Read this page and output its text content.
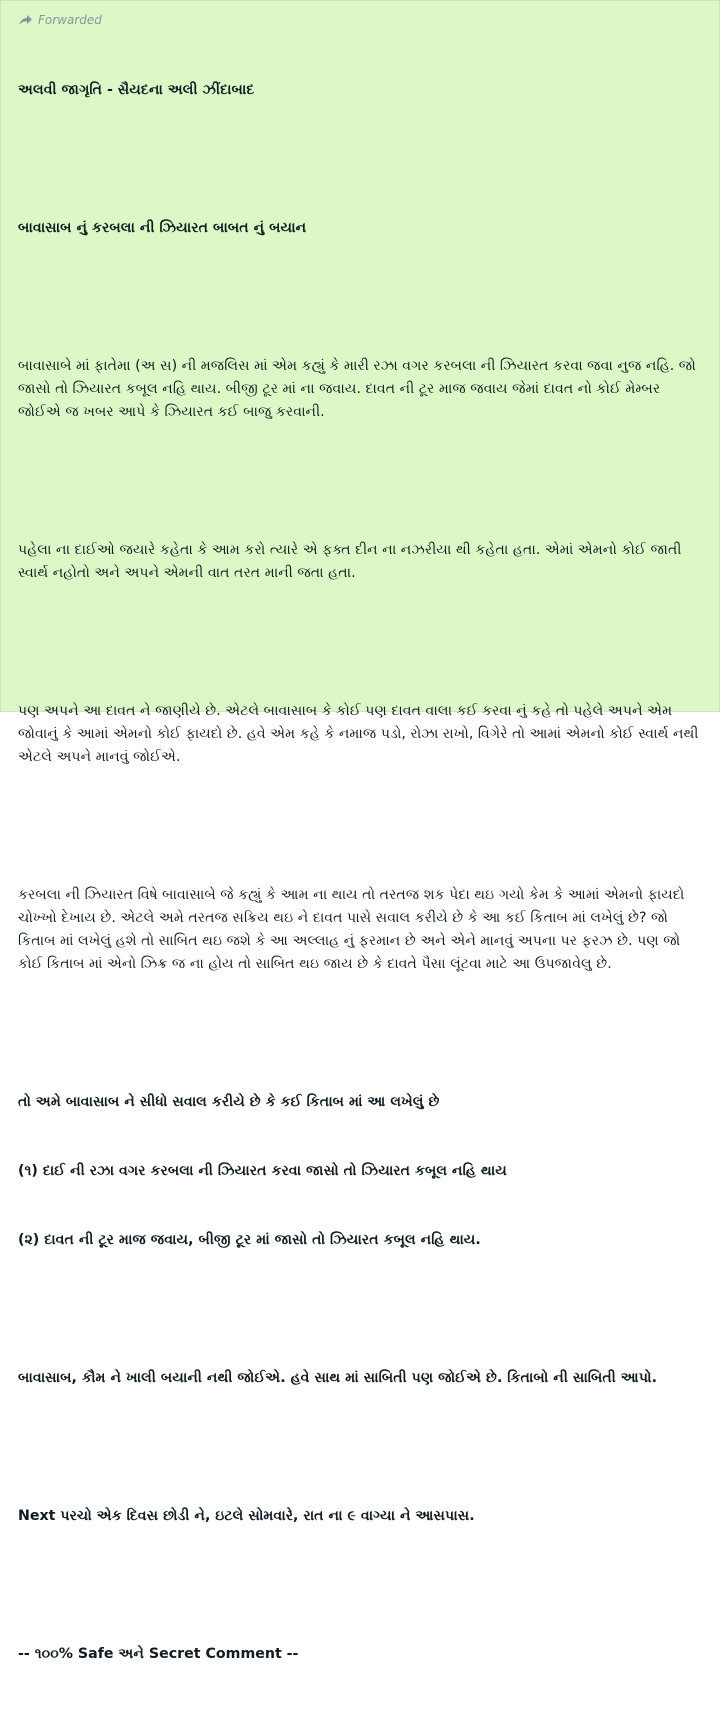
Forwarded

અલવી જાગૃતિ - સૈયદના અલી ઝીંદાબાદ

બાવાસાબ નું કરબલા ની ઝિયારત બાબત નું બયાન

બાવાસાબે માં ફાતેમા (અ સ) ની મજલિસ માં એમ કહ્યું કે મારી રઝા વગર કરબલા ની ઝિયારત કરવા જવા નુજ નહિ. જો જાસો તો ઝિયારત કબૂલ નહિ થાય. બીજી ટૂર માં ના જવાય. દાવત ની ટૂર માજ જવાય જેમાં દાવત નો કોઈ મેમ્બર જોઈએ જ ખબર આપે કે ઝિયારત કઈ બાજુ કરવાની.

પહેલા ના દાઈઓ જયારે કહેતા કે આમ કરો ત્યારે એ ફક્ત દીન ના નઝરીયા થી કહેતા હતા. એમાં એમનો કોઈ જાતી સ્વાર્થ નહોતો અને અપને એમની વાત તરત માની જતા હતા.

પણ અપને આ દાવત ને જાણીયે છે. એટલે બાવાસાબ કે કોઈ પણ દાવત વાલા કઈ કરવા નું કહે તો પહેલે અપને એમ જોવાનું કે આમાં એમનો કોઈ ફાયદો છે. હવે એમ કહે કે નમાજ પડો, રોઝા રાખો, વિગેરે તો આમાં એમનો કોઈ સ્વાર્થ નથી એટલે અપને માનવું જોઈએ.

કરબલા ની ઝિયારત વિષે બાવાસાબે જે કહ્યું કે આમ ના થાય તો તરતજ શક પેદા થઇ ગયો કેમ કે આમાં એમનો ફાયદો ચોખ્ખો દેખાય છે. એટલે અમે તરતજ સક્રિય થઇ ને દાવત પાસે સવાલ કરીયે છે કે આ કઈ કિતાબ માં લખેલું છે? જો કિતાબ માં લખેલું હશે તો સાબિત થઇ જશે કે આ અલ્લાહ નું ફરમાન છે અને એને માનવું અપના પર ફરઝ છે. પણ જો કોઈ કિતાબ માં એનો ઝિક્ર જ ના હોય તો સાબિત થઇ જાય છે કે દાવતે પૈસા લૂંટવા માટે આ ઉપજાવેલુ છે.

તો અમે બાવાસાબ ને સીધો સવાલ કરીયે છે કે કઈ કિતાબ માં આ લખેલું છે

(૧) દાઈ ની રઝા વગર કરબલા ની ઝિયારત કરવા જાસો તો ઝિયારત કબૂલ નહિ થાય

(૨) દાવત ની ટૂર માજ જવાય, બીજી ટૂર માં જાસો તો ઝિયારત કબૂલ નહિ થાય.

બાવાસાબ, કૌમ ને ખાલી બયાની નથી જોઈએ. હવે સાથ માં સાબિતી પણ જોઈએ છે. કિતાબો ની સાબિતી આપો.

Next પરચો એક દિવસ છોડી ને, ઇટલે સોમવારે, રાત ના ૯ વાગ્યા ને આસપાસ.

-- ૧૦૦% Safe અને Secret Comment --
